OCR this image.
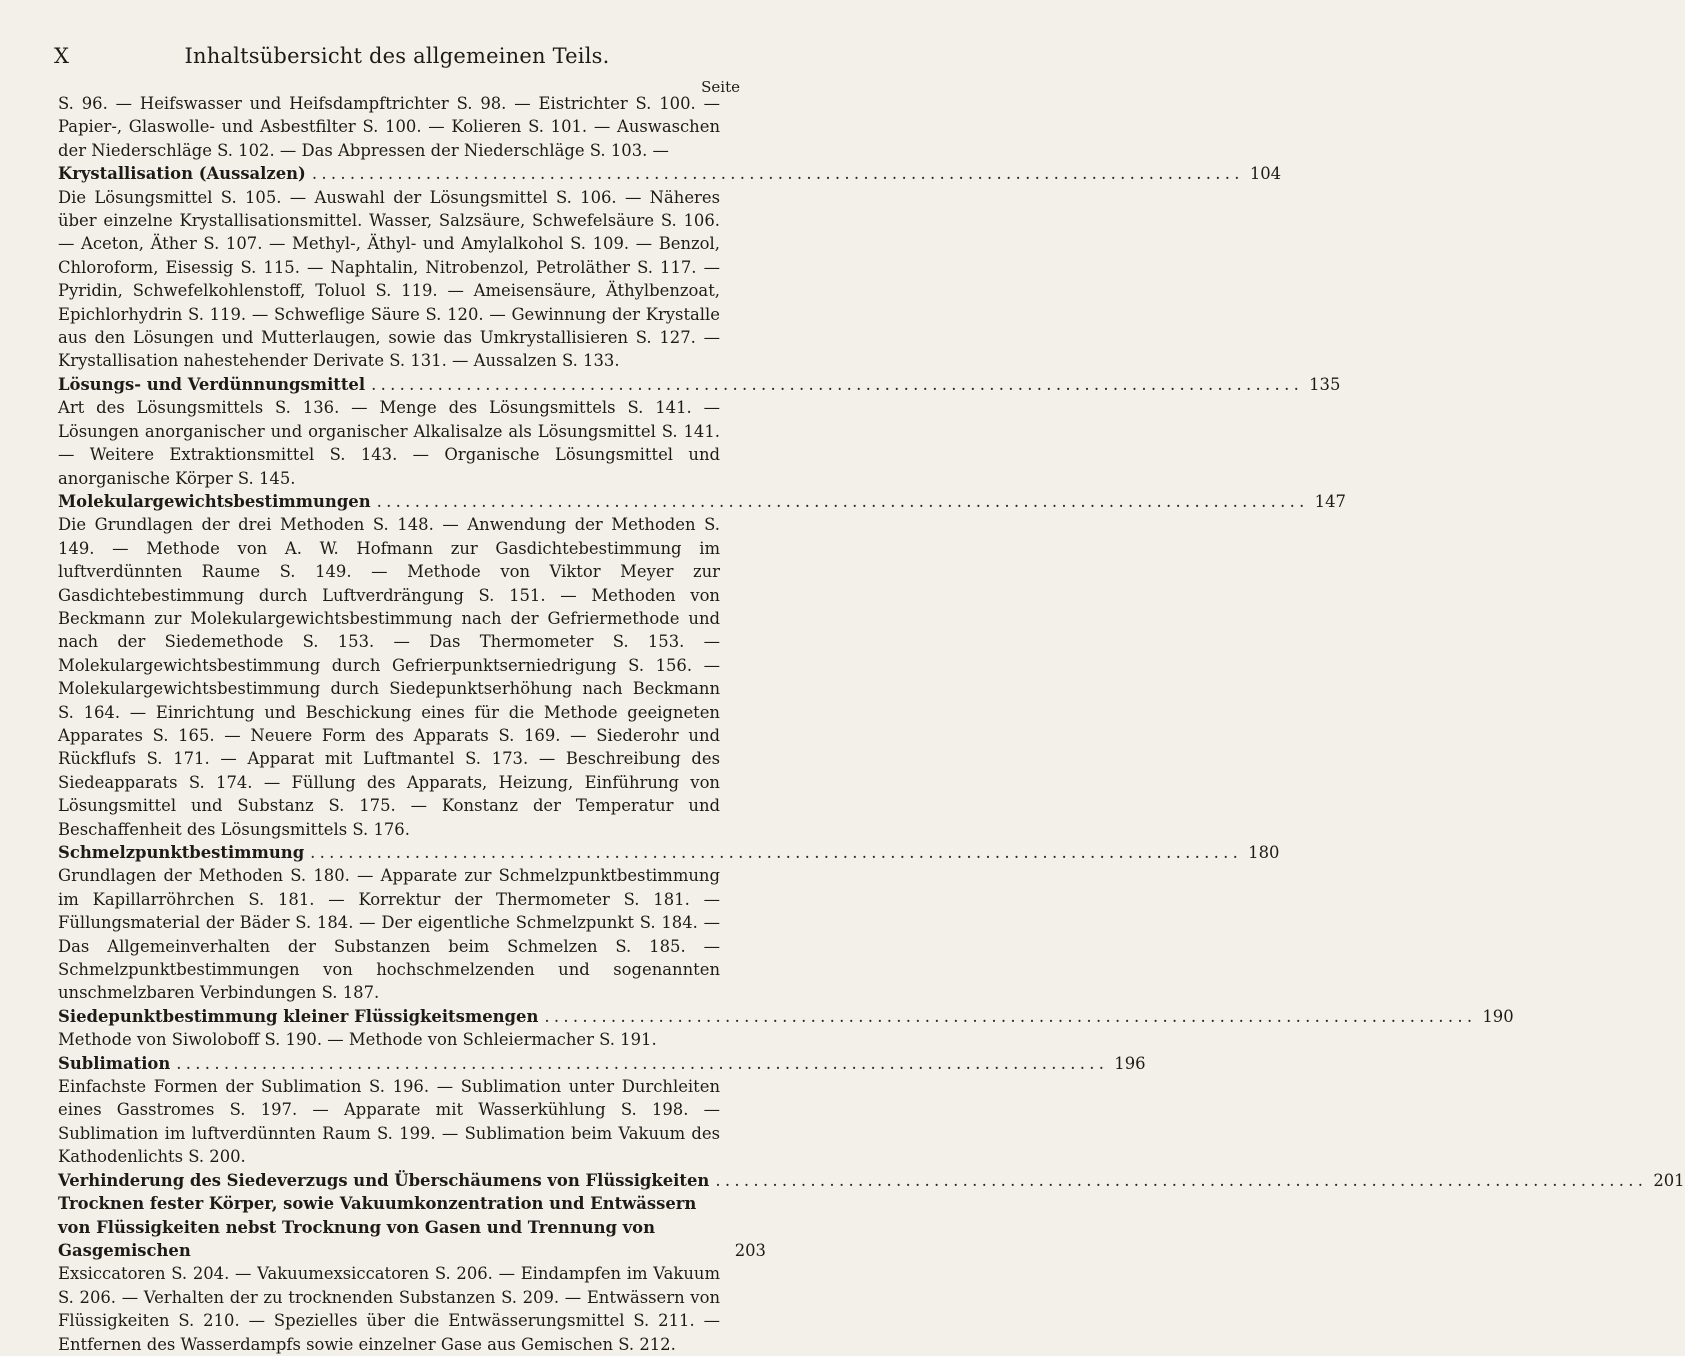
X	Inhaltsübersicht des allgemeinen Teils.
Seite

S. 96. — Heifswasser und Heifsdampftrichter S. 98. — Eistrichter S. 100. — Papier-, Glaswolle- und Asbestfilter S. 100. — Kolieren S. 101. — Auswaschen der Niederschläge S. 102. — Das Abpressen der Niederschläge S. 103. —

Krystallisation (Aussalzen) .................................................................................................. 104

Die Lösungsmittel S. 105. — Auswahl der Lösungsmittel S. 106. — Näheres über einzelne Krystallisationsmittel. Wasser, Salzsäure, Schwefelsäure S. 106. — Aceton, Äther S. 107. — Methyl-, Äthyl- und Amylalkohol S. 109. — Benzol, Chloroform, Eisessig S. 115. — Naphtalin, Nitrobenzol, Petroläther S. 117. — Pyridin, Schwefelkohlenstoff, Toluol S. 119. — Ameisensäure, Äthylbenzoat, Epichlorhydrin S. 119. — Schweflige Säure S. 120. — Gewinnung der Krystalle aus den Lösungen und Mutterlaugen, sowie das Umkrystallisieren S. 127. — Krystallisation nahestehender Derivate S. 131. — Aussalzen S. 133.

Lösungs- und Verdünnungsmittel .................................................................................................. 135

Art des Lösungsmittels S. 136. — Menge des Lösungsmittels S. 141. — Lösungen anorganischer und organischer Alkalisalze als Lösungsmittel S. 141. — Weitere Extraktionsmittel S. 143. — Organische Lösungsmittel und anorganische Körper S. 145.

Molekulargewichtsbestimmungen .................................................................................................. 147

Die Grundlagen der drei Methoden S. 148. — Anwendung der Methoden S. 149. — Methode von A. W. Hofmann zur Gasdichtebestimmung im luftverdünnten Raume S. 149. — Methode von Viktor Meyer zur Gasdichtebestimmung durch Luftverdrängung S. 151. — Methoden von Beckmann zur Molekulargewichtsbestimmung nach der Gefriermethode und nach der Siedemethode S. 153. — Das Thermometer S. 153. — Molekulargewichtsbestimmung durch Gefrierpunktserniedrigung S. 156. — Molekulargewichtsbestimmung durch Siedepunktserhöhung nach Beckmann S. 164. — Einrichtung und Beschickung eines für die Methode geeigneten Apparates S. 165. — Neuere Form des Apparats S. 169. — Siederohr und Rückflufs S. 171. — Apparat mit Luftmantel S. 173. — Beschreibung des Siedeapparats S. 174. — Füllung des Apparats, Heizung, Einführung von Lösungsmittel und Substanz S. 175. — Konstanz der Temperatur und Beschaffenheit des Lösungsmittels S. 176.

Schmelzpunktbestimmung .................................................................................................. 180

Grundlagen der Methoden S. 180. — Apparate zur Schmelzpunktbestimmung im Kapillarröhrchen S. 181. — Korrektur der Thermometer S. 181. — Füllungsmaterial der Bäder S. 184. — Der eigentliche Schmelzpunkt S. 184. — Das Allgemeinverhalten der Substanzen beim Schmelzen S. 185. — Schmelzpunktbestimmungen von hochschmelzenden und sogenannten unschmelzbaren Verbindungen S. 187.

Siedepunktbestimmung kleiner Flüssigkeitsmengen .................................................................................................. 190

Methode von Siwoloboff S. 190. — Methode von Schleiermacher S. 191.

Sublimation .................................................................................................. 196

Einfachste Formen der Sublimation S. 196. — Sublimation unter Durchleiten eines Gasstromes S. 197. — Apparate mit Wasserkühlung S. 198. — Sublimation im luftverdünnten Raum S. 199. — Sublimation beim Vakuum des Kathodenlichts S. 200.

Verhinderung des Siedeverzugs und Überschäumens von Flüssigkeiten .................................................................................................. 201
Trocknen fester Körper, sowie Vakuumkonzentration und Entwässern von Flüssigkeiten nebst Trocknung von Gasen und Trennung von Gasgemischen	203

Exsiccatoren S. 204. — Vakuumexsiccatoren S. 206. — Eindampfen im Vakuum S. 206. — Verhalten der zu trocknenden Substanzen S. 209. — Entwässern von Flüssigkeiten S. 210. — Spezielles über die Entwässerungsmittel S. 211. — Entfernen des Wasserdampfs sowie einzelner Gase aus Gemischen S. 212.
